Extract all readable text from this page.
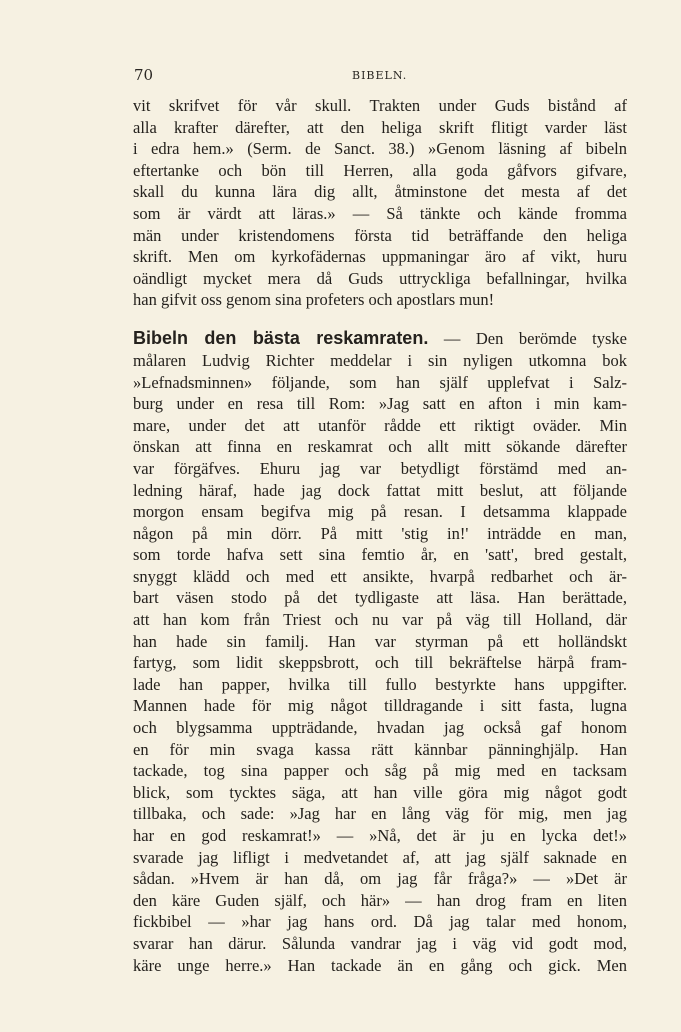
70	BIBELN.
vit skrifvet för vår skull. Trakten under Guds bistånd af
alla krafter därefter, att den heliga skrift flitigt varder läst
i edra hem.» (Serm. de Sanct. 38.) »Genom läsning af bibeln
eftertanke och bön till Herren, alla goda gåfvors gifvare,
skall du kunna lära dig allt, åtminstone det mesta af det
som är värdt att läras.» — Så tänkte och kände fromma
män under kristendomens första tid beträffande den heliga
skrift. Men om kyrkofädernas uppmaningar äro af vikt, huru
oändligt mycket mera då Guds uttryckliga befallningar, hvilka
han gifvit oss genom sina profeters och apostlars mun!
Bibeln den bästa reskamraten. — Den berömde tyske
målaren Ludvig Richter meddelar i sin nyligen utkomna bok
»Lefnadsminnen» följande, som han själf upplefvat i Salz-
burg under en resa till Rom: »Jag satt en afton i min kam-
mare, under det att utanför rådde ett riktigt oväder. Min
önskan att finna en reskamrat och allt mitt sökande därefter
var förgäfves. Ehuru jag var betydligt förstämd med an-
ledning häraf, hade jag dock fattat mitt beslut, att följande
morgon ensam begifva mig på resan. I detsamma klappade
någon på min dörr. På mitt 'stig in!' inträdde en man,
som torde hafva sett sina femtio år, en 'satt', bred gestalt,
snyggt klädd och med ett ansikte, hvarpå redbarhet och är-
bart väsen stodo på det tydligaste att läsa. Han berättade,
att han kom från Triest och nu var på väg till Holland, där
han hade sin familj. Han var styrman på ett holländskt
fartyg, som lidit skeppsbrott, och till bekräftelse härpå fram-
lade han papper, hvilka till fullo bestyrkte hans uppgifter.
Mannen hade för mig något tilldragande i sitt fasta, lugna
och blygsamma uppträdande, hvadan jag också gaf honom
en för min svaga kassa rätt kännbar pänninghjälp. Han
tackade, tog sina papper och såg på mig med en tacksam
blick, som tycktes säga, att han ville göra mig något godt
tillbaka, och sade: »Jag har en lång väg för mig, men jag
har en god reskamrat!» — »Nå, det är ju en lycka det!»
svarade jag lifligt i medvetandet af, att jag själf saknade en
sådan. »Hvem är han då, om jag får fråga?» — »Det är
den käre Guden själf, och här» — han drog fram en liten
fickbibel — »har jag hans ord. Då jag talar med honom,
svarar han därur. Sålunda vandrar jag i väg vid godt mod,
käre unge herre.» Han tackade än en gång och gick. Men
